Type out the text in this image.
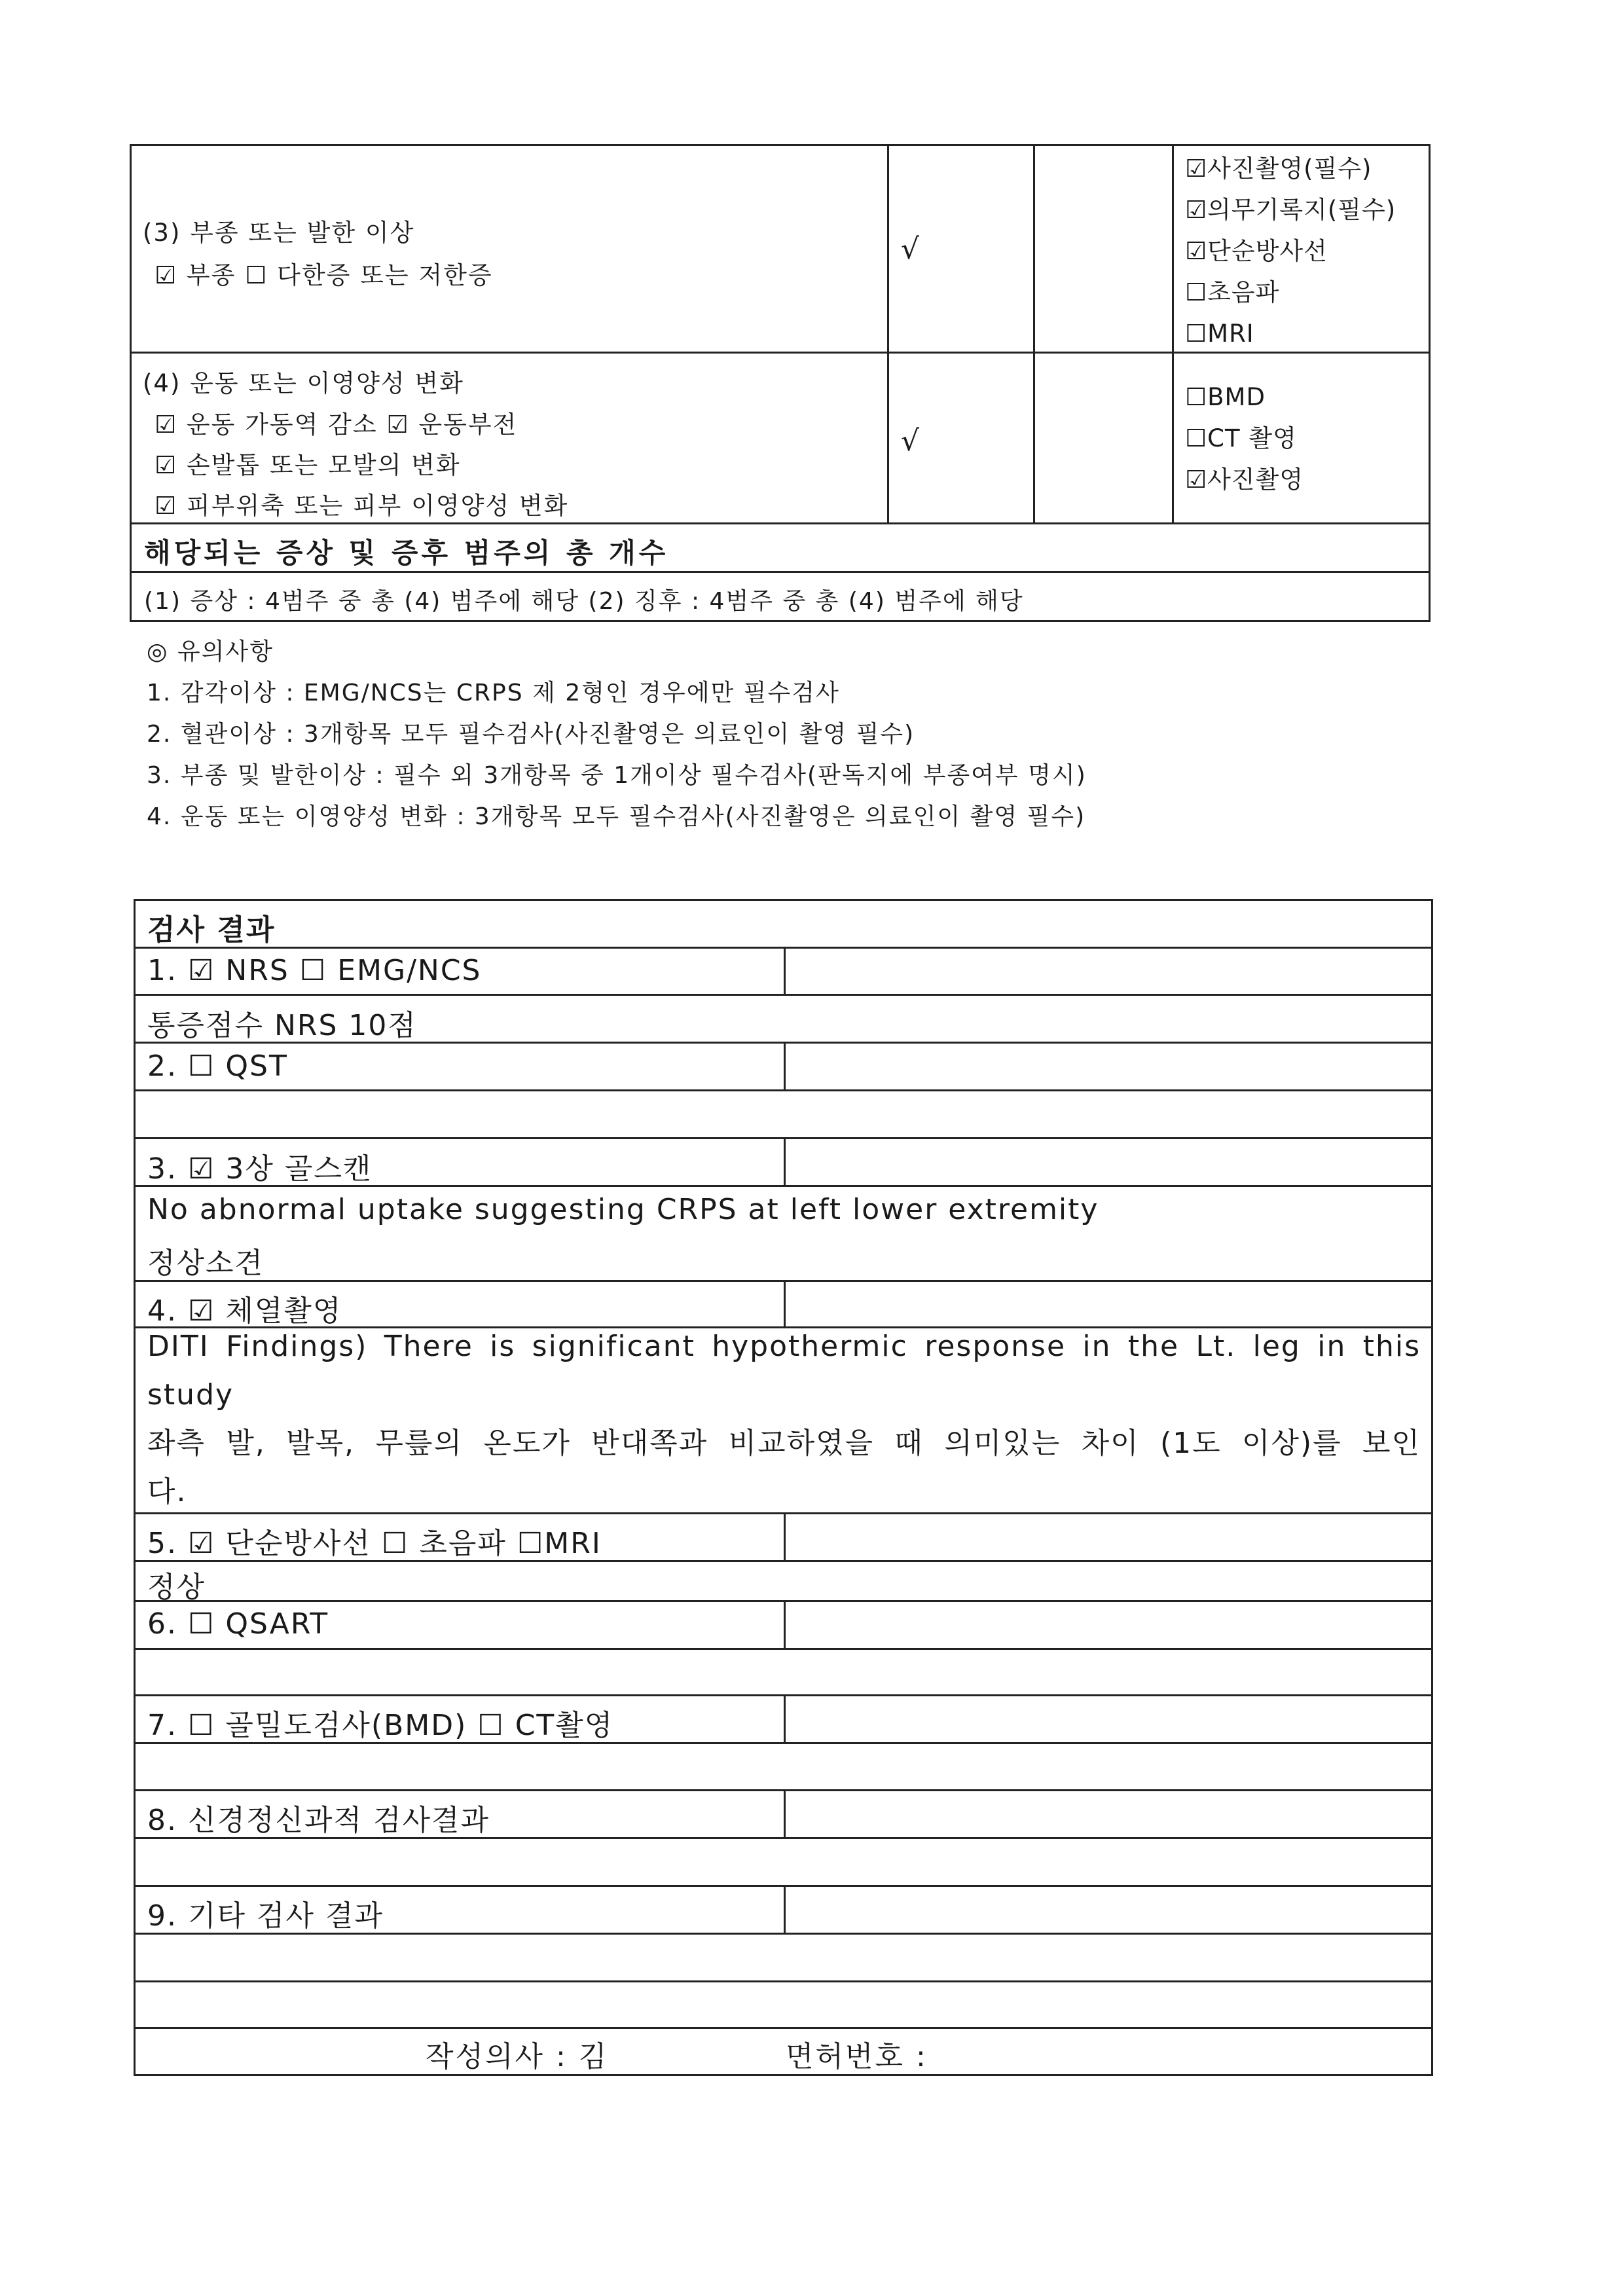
(3) 부종 또는 발한 이상
☑ 부종 ☐ 다한증 또는 저한증
√
☑사진촬영(필수)
☑의무기록지(필수)
☑단순방사선
☐초음파
☐MRI
(4) 운동 또는 이영양성 변화
☑ 운동 가동역 감소 ☑ 운동부전
☑ 손발톱 또는 모발의 변화
☑ 피부위축 또는 피부 이영양성 변화
√
☐BMD
☐CT 촬영
☑사진촬영
해당되는 증상 및 증후 범주의 총 개수
(1) 증상 : 4범주 중 총 (4) 범주에 해당 (2) 징후 : 4범주 중 총 (4) 범주에 해당
◎ 유의사항
1. 감각이상 : EMG/NCS는 CRPS 제 2형인 경우에만 필수검사
2. 혈관이상 : 3개항목 모두 필수검사(사진촬영은 의료인이 촬영 필수)
3. 부종 및 발한이상 : 필수 외 3개항목 중 1개이상 필수검사(판독지에 부종여부 명시)
4. 운동 또는 이영양성 변화 : 3개항목 모두 필수검사(사진촬영은 의료인이 촬영 필수)
검사 결과
1. ☑ NRS ☐ EMG/NCS
통증점수 NRS 10점
2. ☐ QST
3. ☑ 3상 골스캔
No abnormal uptake suggesting CRPS at left lower extremity
정상소견
4. ☑ 체열촬영
DITI Findings) There is significant hypothermic response in the Lt. leg in this
study
좌측 발, 발목, 무릎의 온도가 반대쪽과 비교하였을 때 의미있는 차이 (1도 이상)를 보인
다.
5. ☑ 단순방사선 ☐ 초음파 ☐MRI
정상
6. ☐ QSART
7. ☐ 골밀도검사(BMD) ☐ CT촬영
8. 신경정신과적 검사결과
9. 기타 검사 결과
작성의사 : 김	면허번호 :
